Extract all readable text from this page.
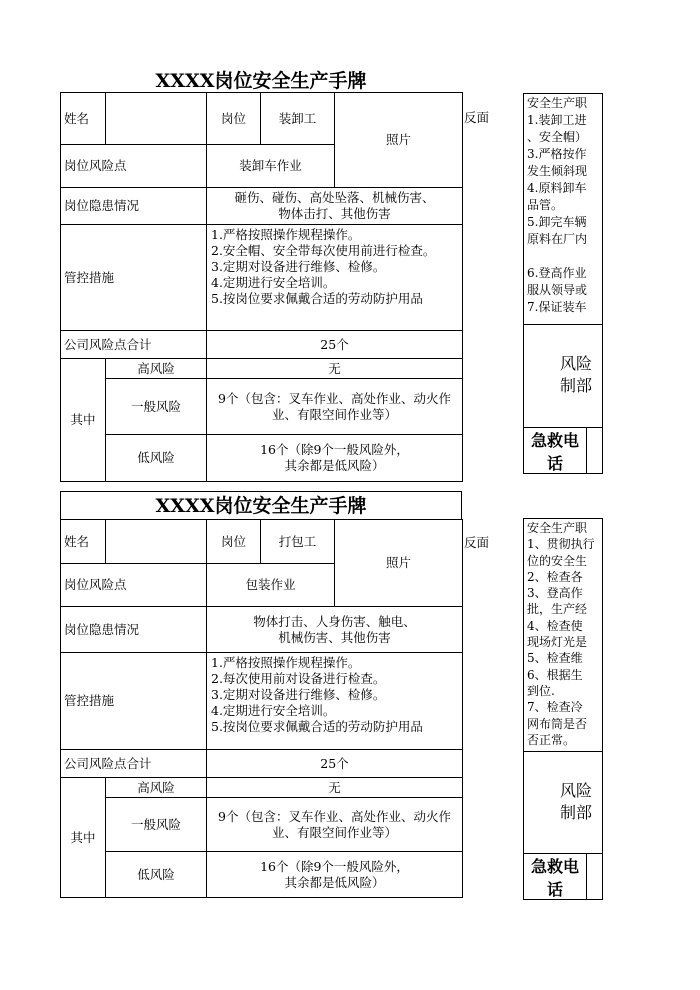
XXXX岗位安全生产手牌
姓名		岗位	装卸工	照片
岗位风险点		装卸车作业		
岗位隐患情况		砸伤、碰伤、高处坠落、机械伤害、
物体击打、其他伤害		

管控措施		1.严格按照操作规程操作。
2.安全帽、安全带每次使用前进行检查。
3.定期对设备进行维修、检修。
4.定期进行安全培训。
5.按岗位要求佩戴合适的劳动防护用品		

公司风险点合计		25个		
其中	高风险	无		
	一般风险	9个（包含：叉车作业、高处作业、动火作
业、有限空间作业等）		

	低风险	16个（除9个一般风险外，
其余都是低风险）		
反面
安全生产职
1.装卸工进
、安全帽）
3.严格按作
发生倾斜现
4.原料卸车
品管。
5.卸完车辆
原料在厂内
6.登高作业
服从领导或
7.保证装车
风险
制部
急救电话
XXXX岗位安全生产手牌
姓名		岗位	打包工	照片
岗位风险点		包装作业		
岗位隐患情况		物体打击、人身伤害、触电、
机械伤害、其他伤害		

管控措施		1.严格按照操作规程操作。
2.每次使用前对设备进行检查。
3.定期对设备进行维修、检修。
4.定期进行安全培训。
5.按岗位要求佩戴合适的劳动防护用品		

公司风险点合计		25个		
其中	高风险	无		
	一般风险	9个（包含：叉车作业、高处作业、动火作
业、有限空间作业等）		

	低风险	16个（除9个一般风险外，
其余都是低风险）		
反面
安全生产职
1、贯彻执行
位的安全生
2、检查各
3、登高作
批，生产经
4、检查使
现场灯光是
5、检查维
6、根据生
到位.
7、检查冷
网布筒是否
否正常。
风险
制部
急救电话
